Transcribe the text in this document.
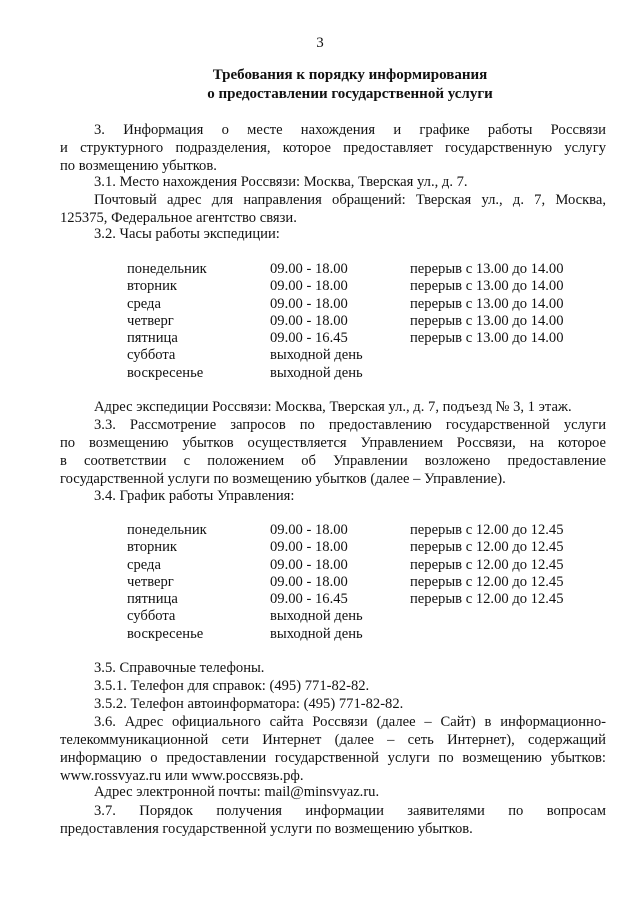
3
Требования к порядку информирования
о предоставлении государственной услуги
3. Информация о месте нахождения и графике работы Россвязи
и структурного подразделения, которое предоставляет государственную услугу
по возмещению убытков.
3.1. Место нахождения Россвязи: Москва, Тверская ул., д. 7.
Почтовый адрес для направления обращений: Тверская ул., д. 7, Москва,
125375, Федеральное агентство связи.
3.2. Часы работы экспедиции:
понедельник	09.00 - 18.00	перерыв с 13.00 до 14.00
вторник	09.00 - 18.00	перерыв с 13.00 до 14.00
среда	09.00 - 18.00	перерыв с 13.00 до 14.00
четверг	09.00 - 18.00	перерыв с 13.00 до 14.00
пятница	09.00 - 16.45	перерыв с 13.00 до 14.00
суббота	выходной день
воскресенье	выходной день
Адрес экспедиции Россвязи: Москва, Тверская ул., д. 7, подъезд № 3, 1 этаж.
3.3. Рассмотрение запросов по предоставлению государственной услуги
по возмещению убытков осуществляется Управлением Россвязи, на которое
в соответствии с положением об Управлении возложено предоставление
государственной услуги по возмещению убытков (далее – Управление).
3.4. График работы Управления:
понедельник	09.00 - 18.00	перерыв с 12.00 до 12.45
вторник	09.00 - 18.00	перерыв с 12.00 до 12.45
среда	09.00 - 18.00	перерыв с 12.00 до 12.45
четверг	09.00 - 18.00	перерыв с 12.00 до 12.45
пятница	09.00 - 16.45	перерыв с 12.00 до 12.45
суббота	выходной день
воскресенье	выходной день
3.5. Справочные телефоны.
3.5.1. Телефон для справок: (495) 771-82-82.
3.5.2. Телефон автоинформатора: (495) 771-82-82.
3.6. Адрес официального сайта Россвязи (далее – Сайт) в информационно-
телекоммуникационной сети Интернет (далее – сеть Интернет), содержащий
информацию о предоставлении государственной услуги по возмещению убытков:
www.rossvyaz.ru или www.россвязь.рф.
Адрес электронной почты: mail@minsvyaz.ru.
3.7. Порядок получения информации заявителями по вопросам
предоставления государственной услуги по возмещению убытков.
